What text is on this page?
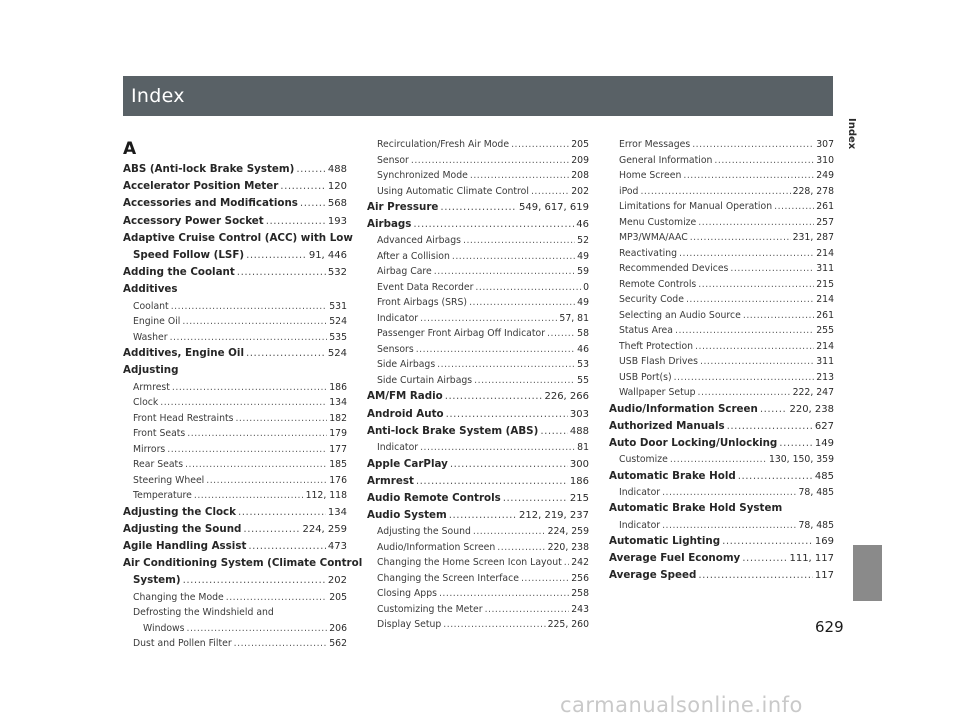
Index
Index
A
ABS (Anti-lock Brake System) .....	488
Accelerator Position Meter .....	120
Accessories and Modifications .....	568
Accessory Power Socket .....	193
Adaptive Cruise Control (ACC) with Low
Speed Follow (LSF) .....	91, 446
Adding the Coolant .....	532
Additives
Coolant .....	531
Engine Oil .....	524
Washer .....	535
Additives, Engine Oil .....	524
Adjusting
Armrest .....	186
Clock .....	134
Front Head Restraints .....	182
Front Seats .....	179
Mirrors .....	177
Rear Seats .....	185
Steering Wheel .....	176
Temperature .....	112, 118
Adjusting the Clock .....	134
Adjusting the Sound .....	224, 259
Agile Handling Assist .....	473
Air Conditioning System (Climate Control
System) .....	202
Changing the Mode .....	205
Defrosting the Windshield and
Windows .....	206
Dust and Pollen Filter .....	562
Recirculation/Fresh Air Mode .....	205
Sensor .....	209
Synchronized Mode .....	208
Using Automatic Climate Control .....	202
Air Pressure .....	549, 617, 619
Airbags .....	46
Advanced Airbags .....	52
After a Collision .....	49
Airbag Care .....	59
Event Data Recorder .....	0
Front Airbags (SRS) .....	49
Indicator .....	57, 81
Passenger Front Airbag Off Indicator .....	58
Sensors .....	46
Side Airbags .....	53
Side Curtain Airbags .....	55
AM/FM Radio .....	226, 266
Android Auto .....	303
Anti-lock Brake System (ABS) .....	488
Indicator .....	81
Apple CarPlay .....	300
Armrest .....	186
Audio Remote Controls .....	215
Audio System .....	212, 219, 237
Adjusting the Sound .....	224, 259
Audio/Information Screen .....	220, 238
Changing the Home Screen Icon Layout ..... 242
Changing the Screen Interface .....	256
Closing Apps .....	258
Customizing the Meter .....	243
Display Setup .....	225, 260
Error Messages .....	307
General Information .....	310
Home Screen .....	249
iPod .....	228, 278
Limitations for Manual Operation .....	261
Menu Customize .....	257
MP3/WMA/AAC .....	231, 287
Reactivating .....	214
Recommended Devices .....	311
Remote Controls .....	215
Security Code .....	214
Selecting an Audio Source .....	261
Status Area .....	255
Theft Protection .....	214
USB Flash Drives .....	311
USB Port(s) .....	213
Wallpaper Setup .....	222, 247
Audio/Information Screen .....	220, 238
Authorized Manuals .....	627
Auto Door Locking/Unlocking .....	149
Customize .....	130, 150, 359
Automatic Brake Hold .....	485
Indicator .....	78, 485
Automatic Brake Hold System
Indicator .....	78, 485
Automatic Lighting .....	169
Average Fuel Economy .....	111, 117
Average Speed .....	117
629
carmanualsonline.info
